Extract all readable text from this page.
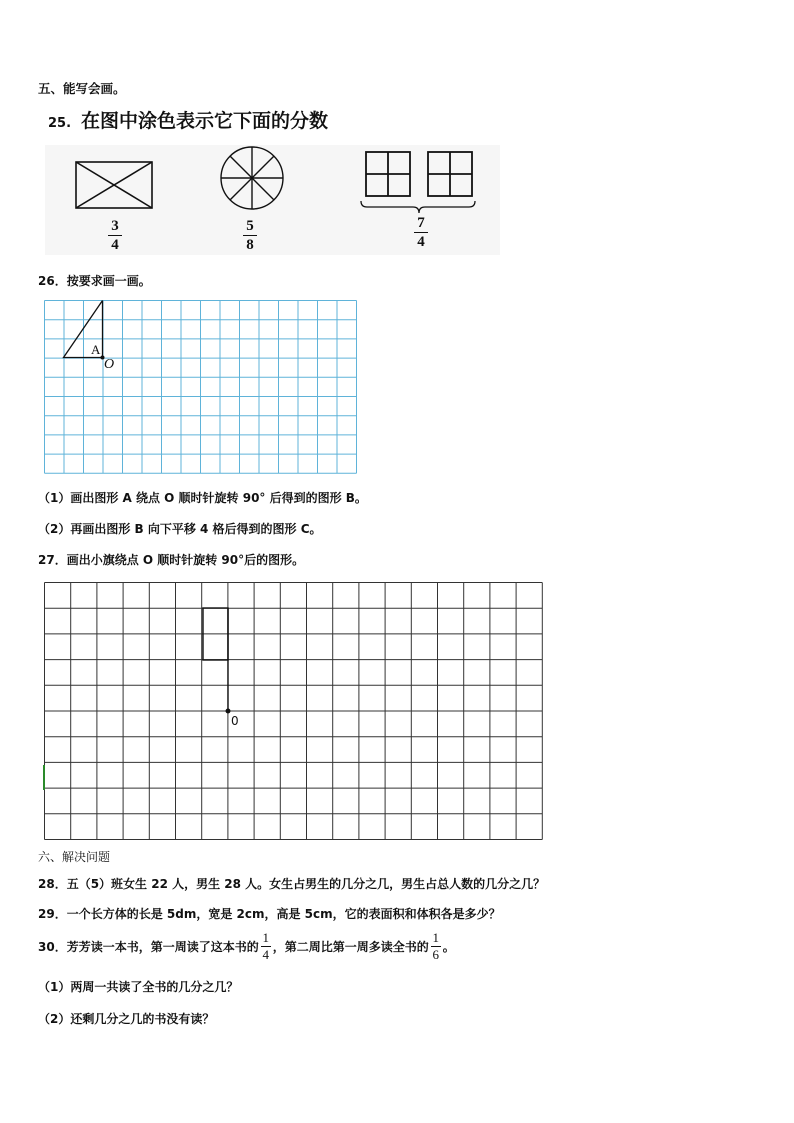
五、能写会画。
25. 在图中涂色表示它下面的分数
3
4
5
8
7
4
26．按要求画一画。
A
O
（1）画出图形 A 绕点 O 顺时针旋转 90° 后得到的图形 B。
（2）再画出图形 B 向下平移 4 格后得到的图形 C。
27．画出小旗绕点 O 顺时针旋转 90°后的图形。
0
六、解决问题
28．五（5）班女生 22 人，男生 28 人。女生占男生的几分之几，男生占总人数的几分之几？
29．一个长方体的长是 5dm，宽是 2cm，高是 5cm，它的表面积和体积各是多少？
30．芳芳读一本书，第一周读了这本书的
1
4 ，第二周比第一周多读全书的
1
6 。
（1）两周一共读了全书的几分之几？
（2）还剩几分之几的书没有读？
